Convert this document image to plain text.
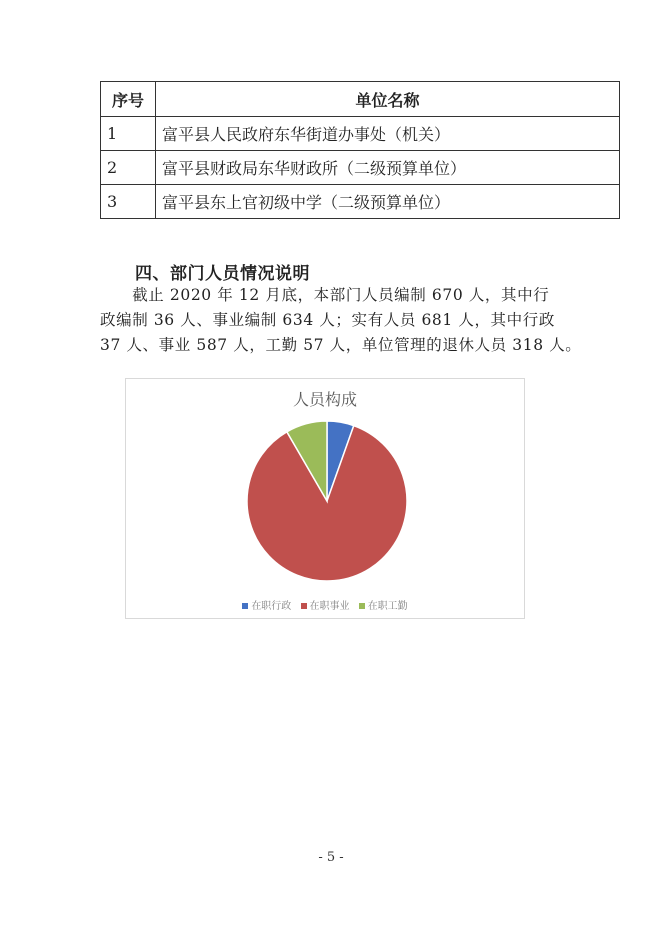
序号	单位名称
1	富平县人民政府东华街道办事处（机关）
2	富平县财政局东华财政所（二级预算单位）
3	富平县东上官初级中学（二级预算单位）
四、部门人员情况说明

　　截止 2020 年 12 月底，本部门人员编制 670 人，其中行

政编制 36 人、事业编制 634 人；实有人员 681 人，其中行政

37 人、事业 587 人，工勤 57 人，单位管理的退休人员 318 人。

人员构成
在职行政 在职事业 在职工勤
- 5 -
